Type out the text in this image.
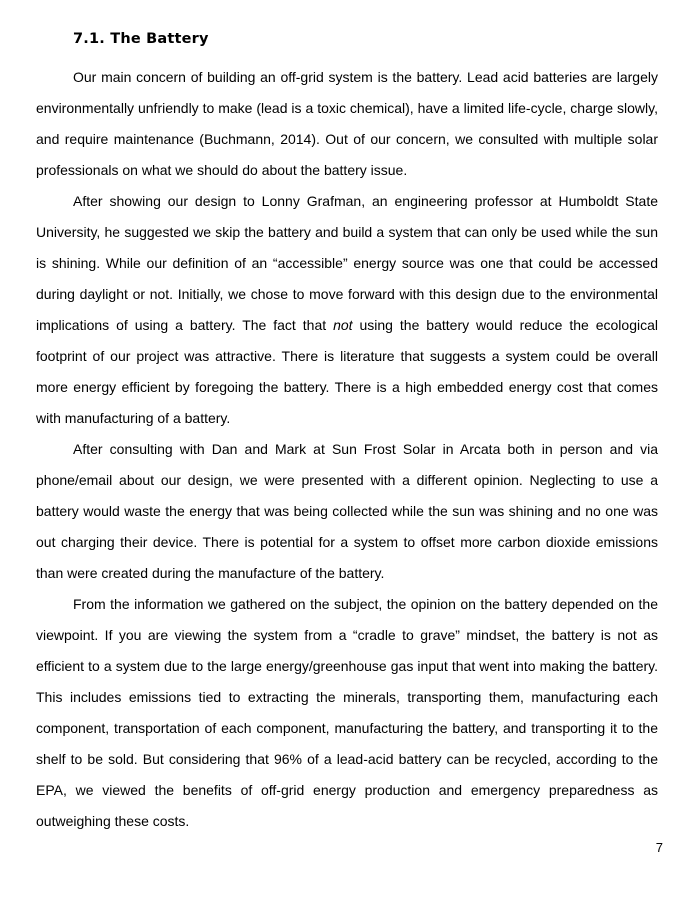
7.1. The Battery

Our main concern of building an off-grid system is the battery. Lead acid batteries are largely environmentally unfriendly to make (lead is a toxic chemical), have a limited life-cycle, charge slowly, and require maintenance (Buchmann, 2014). Out of our concern, we consulted with multiple solar professionals on what we should do about the battery issue.

After showing our design to Lonny Grafman, an engineering professor at Humboldt State University, he suggested we skip the battery and build a system that can only be used while the sun is shining. While our definition of an “accessible” energy source was one that could be accessed during daylight or not. Initially, we chose to move forward with this design due to the environmental implications of using a battery. The fact that not using the battery would reduce the ecological footprint of our project was attractive. There is literature that suggests a system could be overall more energy efficient by foregoing the battery. There is a high embedded energy cost that comes with manufacturing of a battery.

After consulting with Dan and Mark at Sun Frost Solar in Arcata both in person and via phone/email about our design, we were presented with a different opinion. Neglecting to use a battery would waste the energy that was being collected while the sun was shining and no one was out charging their device. There is potential for a system to offset more carbon dioxide emissions than were created during the manufacture of the battery.

From the information we gathered on the subject, the opinion on the battery depended on the viewpoint. If you are viewing the system from a “cradle to grave” mindset, the battery is not as efficient to a system due to the large energy/greenhouse gas input that went into making the battery. This includes emissions tied to extracting the minerals, transporting them, manufacturing each component, transportation of each component, manufacturing the battery, and transporting it to the shelf to be sold. But considering that 96% of a lead-acid battery can be recycled, according to the EPA, we viewed the benefits of off-grid energy production and emergency preparedness as outweighing these costs.

7
